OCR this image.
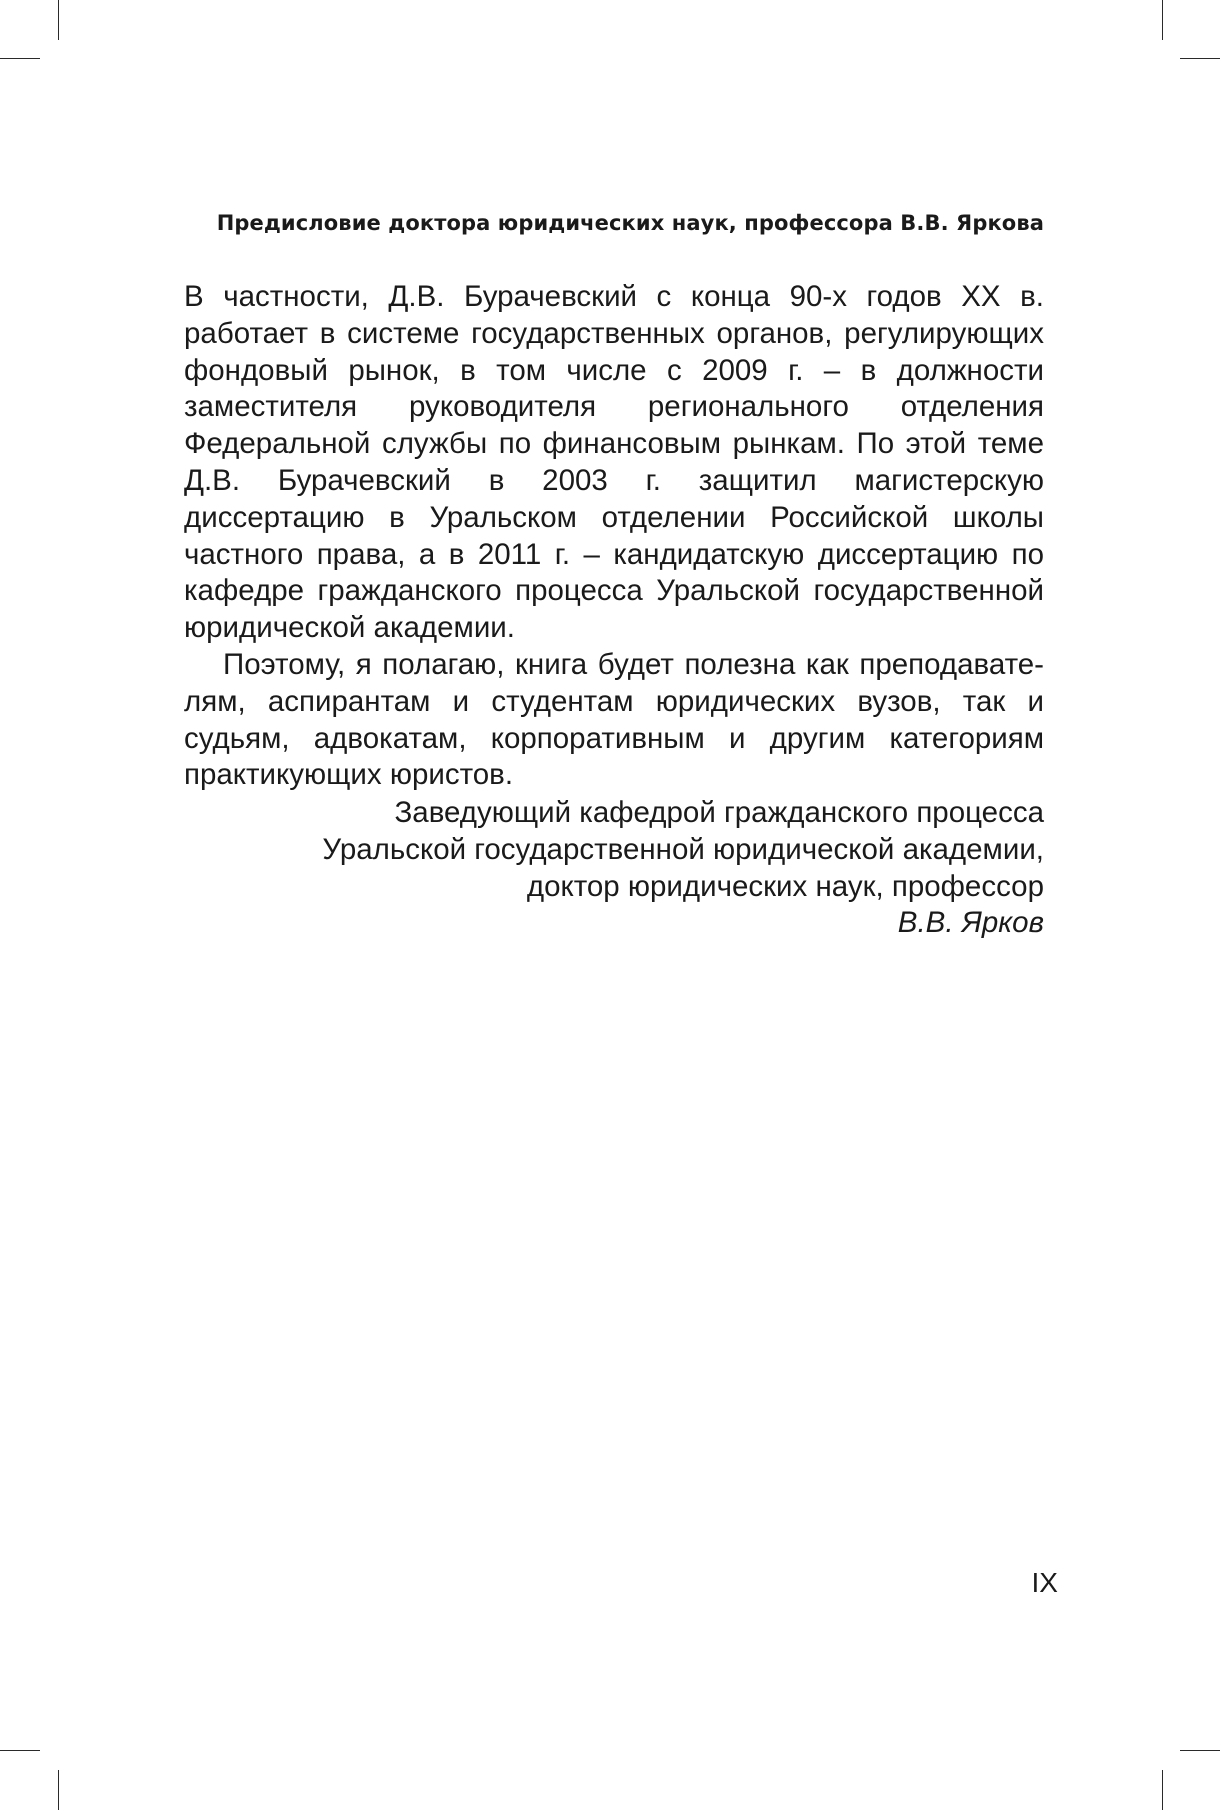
Предисловие доктора юридических наук, профессора В.В. Яркова

В частности, Д.В. Бурачевский с конца 90-х годов XX в. работает в системе государственных органов, регулирующих фондовый рынок, в том числе с 2009 г. – в должности заместителя руководителя регионального отделения Федеральной службы по финансовым рынкам. По этой теме Д.В. Бурачевский в 2003 г. защитил магистерскую диссертацию в Уральском отделении Российской школы частного права, а в 2011 г. – кандидатскую диссертацию по кафедре гражданского процесса Уральской государственной юридической академии.

Поэтому, я полагаю, книга будет полезна как преподавателям, аспирантам и студентам юридических вузов, так и судьям, адвокатам, корпоративным и другим категориям практикующих юристов.

Заведующий кафедрой гражданского процесса
Уральской государственной юридической академии,
доктор юридических наук, профессор
В.В. Ярков
IX
